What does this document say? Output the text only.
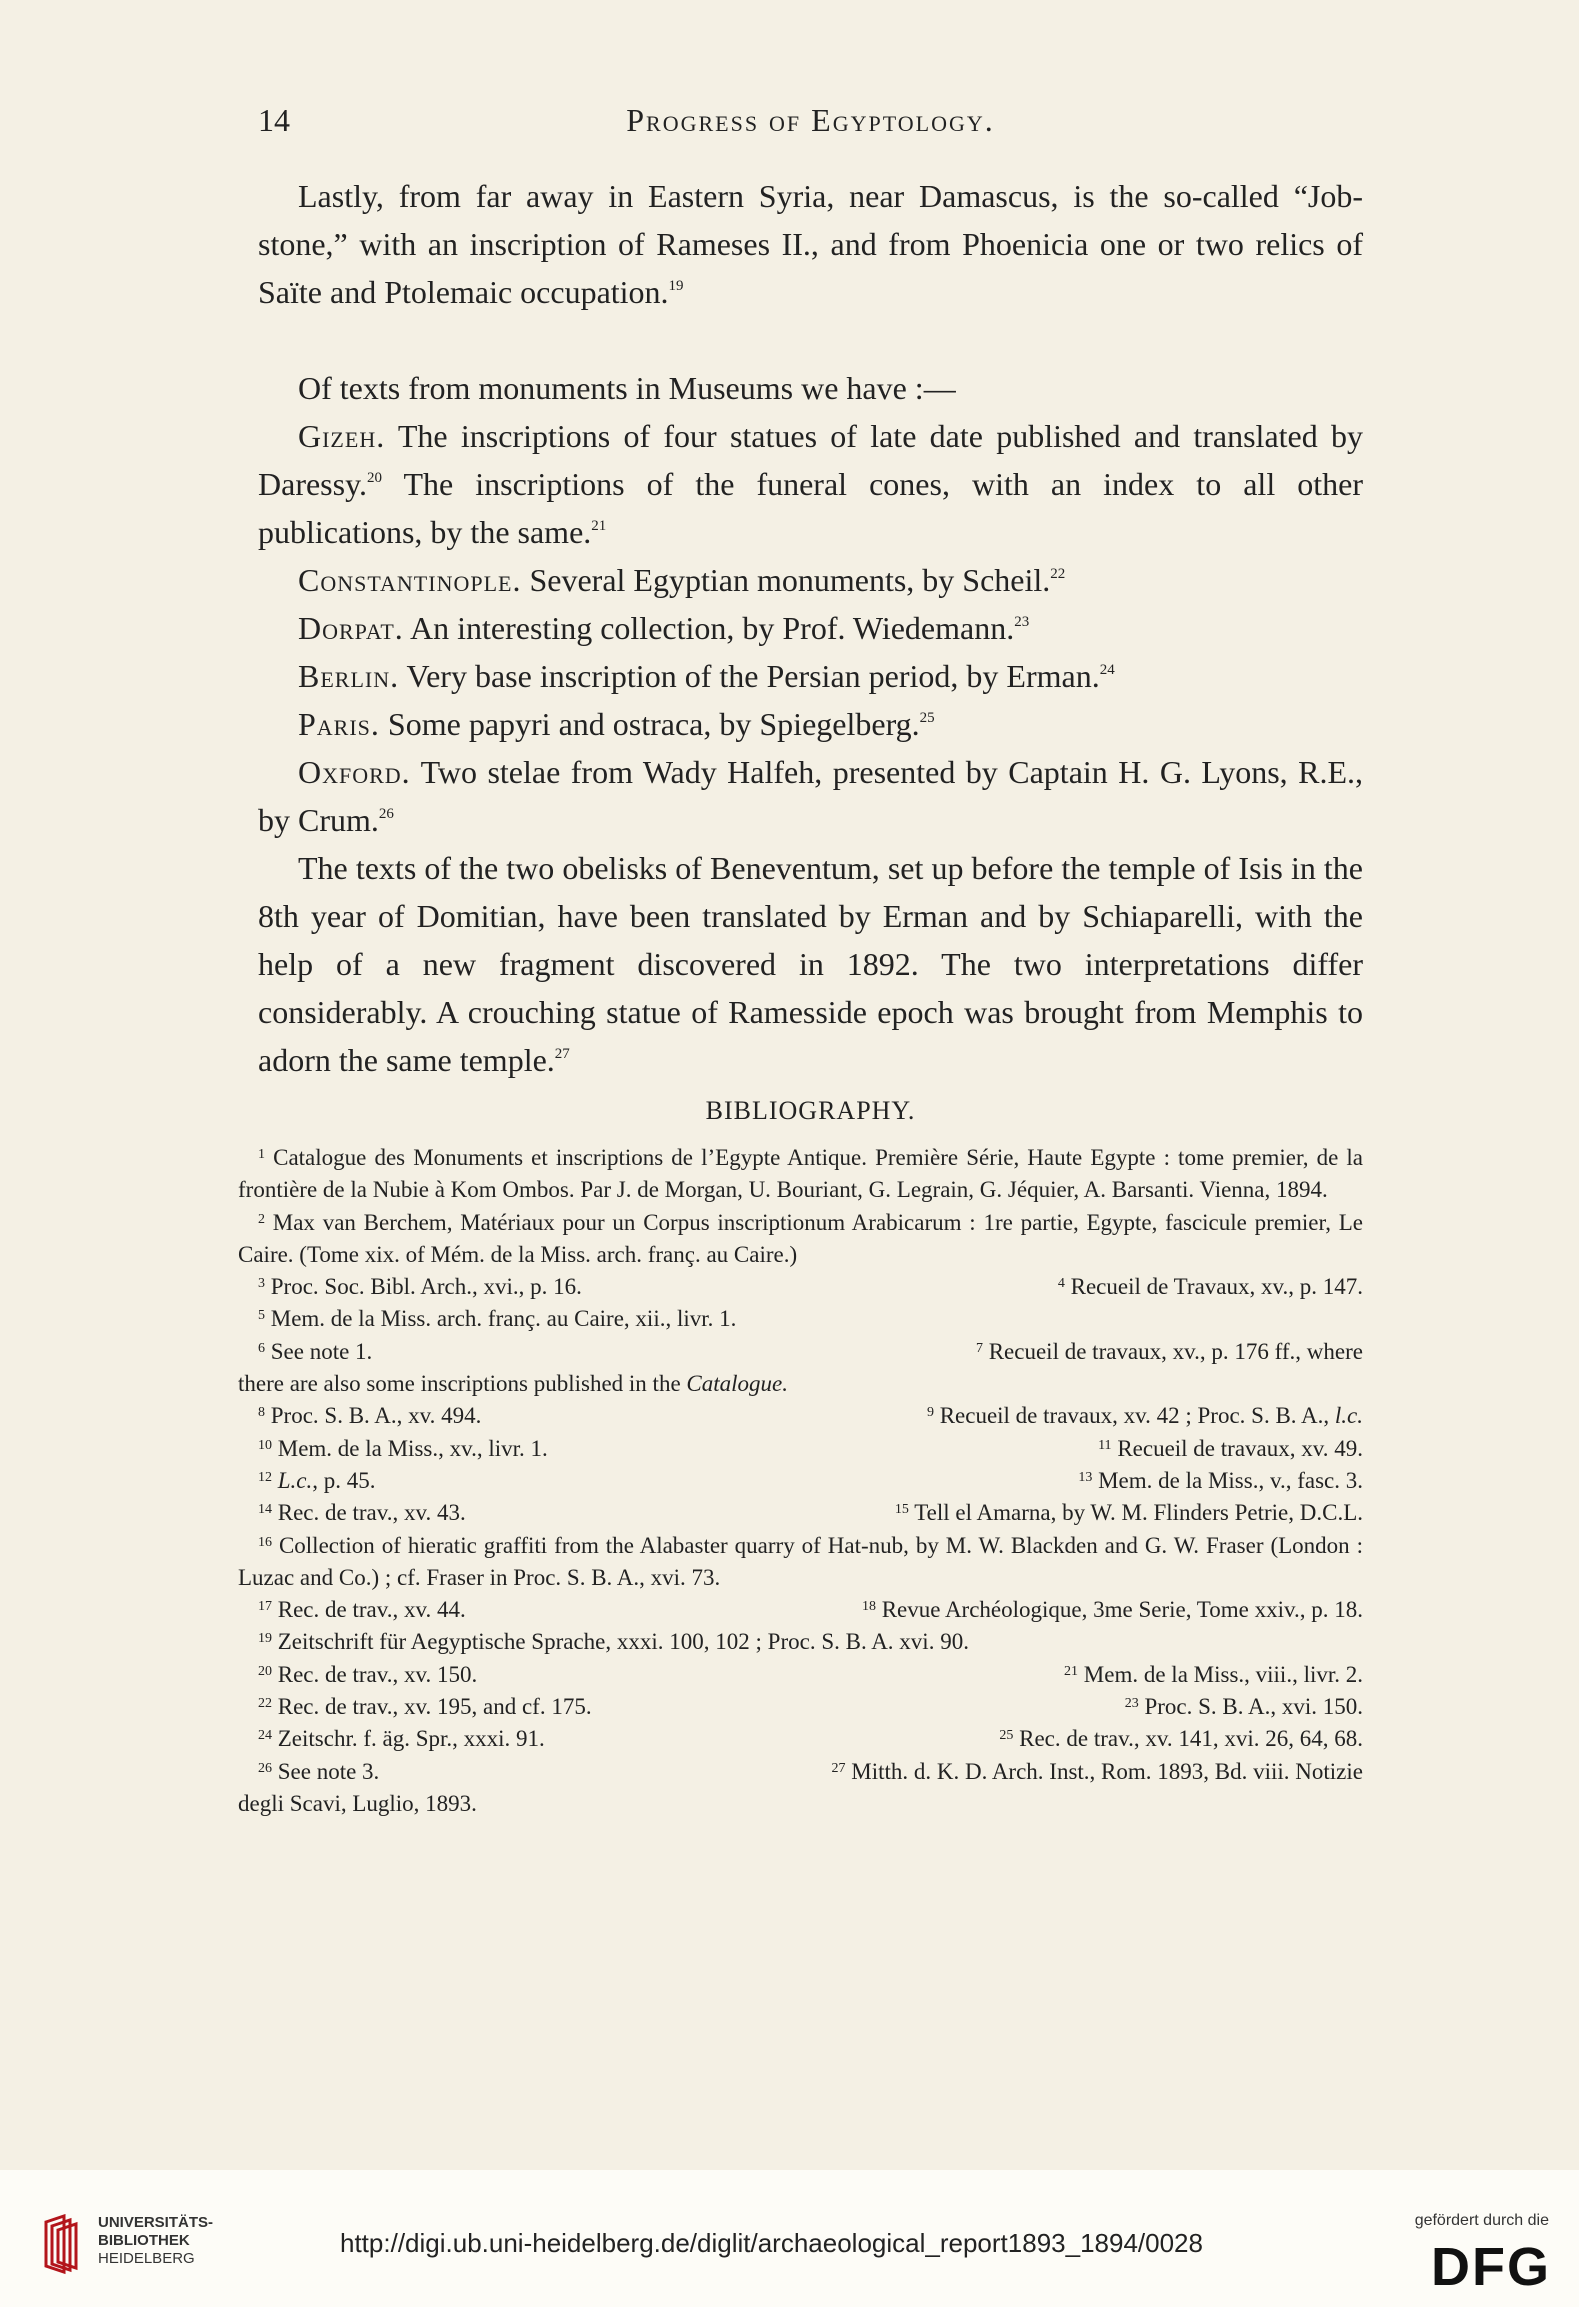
14	Progress of Egyptology.

Lastly, from far away in Eastern Syria, near Damascus, is the so-called “Job-stone,” with an inscription of Rameses II., and from Phoenicia one or two relics of Saïte and Ptolemaic occupation.$^{19}$

Of texts from monuments in Museums we have :—

Gizeh. The inscriptions of four statues of late date published and translated by Daressy.$^{20}$ The inscriptions of the funeral cones, with an index to all other publications, by the same.$^{21}$

Constantinople. Several Egyptian monuments, by Scheil.$^{22}$

Dorpat. An interesting collection, by Prof. Wiedemann.$^{23}$

Berlin. Very base inscription of the Persian period, by Erman.$^{24}$

Paris. Some papyri and ostraca, by Spiegelberg.$^{25}$

Oxford. Two stelae from Wady Halfeh, presented by Captain H. G. Lyons, R.E., by Crum.$^{26}$

The texts of the two obelisks of Beneventum, set up before the temple of Isis in the 8th year of Domitian, have been translated by Erman and by Schiaparelli, with the help of a new fragment discovered in 1892. The two interpretations differ considerably. A crouching statue of Ramesside epoch was brought from Memphis to adorn the same temple.$^{27}$

BIBLIOGRAPHY.

$^1$ Catalogue des Monuments et inscriptions de l’Egypte Antique. Première Série, Haute Egypte : tome premier, de la frontière de la Nubie à Kom Ombos. Par J. de Morgan, U. Bouriant, G. Legrain, G. Jéquier, A. Barsanti. Vienna, 1894.

$^2$ Max van Berchem, Matériaux pour un Corpus inscriptionum Arabicarum : 1re partie, Egypte, fascicule premier, Le Caire. (Tome xix. of Mém. de la Miss. arch. franç. au Caire.)

$^3$ Proc. Soc. Bibl. Arch., xvi., p. 16.	$^4$ Recueil de Travaux, xv., p. 147.
$^5$ Mem. de la Miss. arch. franç. au Caire, xii., livr. 1.
$^6$ See note 1.	$^7$ Recueil de travaux, xv., p. 176 ff., where

there are also some inscriptions published in the Catalogue.

$^8$ Proc. S. B. A., xv. 494.	$^9$ Recueil de travaux, xv. 42 ; Proc. S. B. A., l.c.
$^{10}$ Mem. de la Miss., xv., livr. 1.	$^{11}$ Recueil de travaux, xv. 49.
$^{12}$ L.c., p. 45.	$^{13}$ Mem. de la Miss., v., fasc. 3.
$^{14}$ Rec. de trav., xv. 43.	$^{15}$ Tell el Amarna, by W. M. Flinders Petrie, D.C.L.

$^{16}$ Collection of hieratic graffiti from the Alabaster quarry of Hat-nub, by M. W. Blackden and G. W. Fraser (London : Luzac and Co.) ; cf. Fraser in Proc. S. B. A., xvi. 73.

$^{17}$ Rec. de trav., xv. 44.	$^{18}$ Revue Archéologique, 3me Serie, Tome xxiv., p. 18.
$^{19}$ Zeitschrift für Aegyptische Sprache, xxxi. 100, 102 ; Proc. S. B. A. xvi. 90.
$^{20}$ Rec. de trav., xv. 150.	$^{21}$ Mem. de la Miss., viii., livr. 2.
$^{22}$ Rec. de trav., xv. 195, and cf. 175.	$^{23}$ Proc. S. B. A., xvi. 150.
$^{24}$ Zeitschr. f. äg. Spr., xxxi. 91.	$^{25}$ Rec. de trav., xv. 141, xvi. 26, 64, 68.
$^{26}$ See note 3.	$^{27}$ Mitth. d. K. D. Arch. Inst., Rom. 1893, Bd. viii. Notizie

degli Scavi, Luglio, 1893.

UNIVERSITÄTS-
BIBLIOTHEK
HEIDELBERG
http://digi.ub.uni-heidelberg.de/diglit/archaeological_report1893_1894/0028
gefördert durch die
DFG
